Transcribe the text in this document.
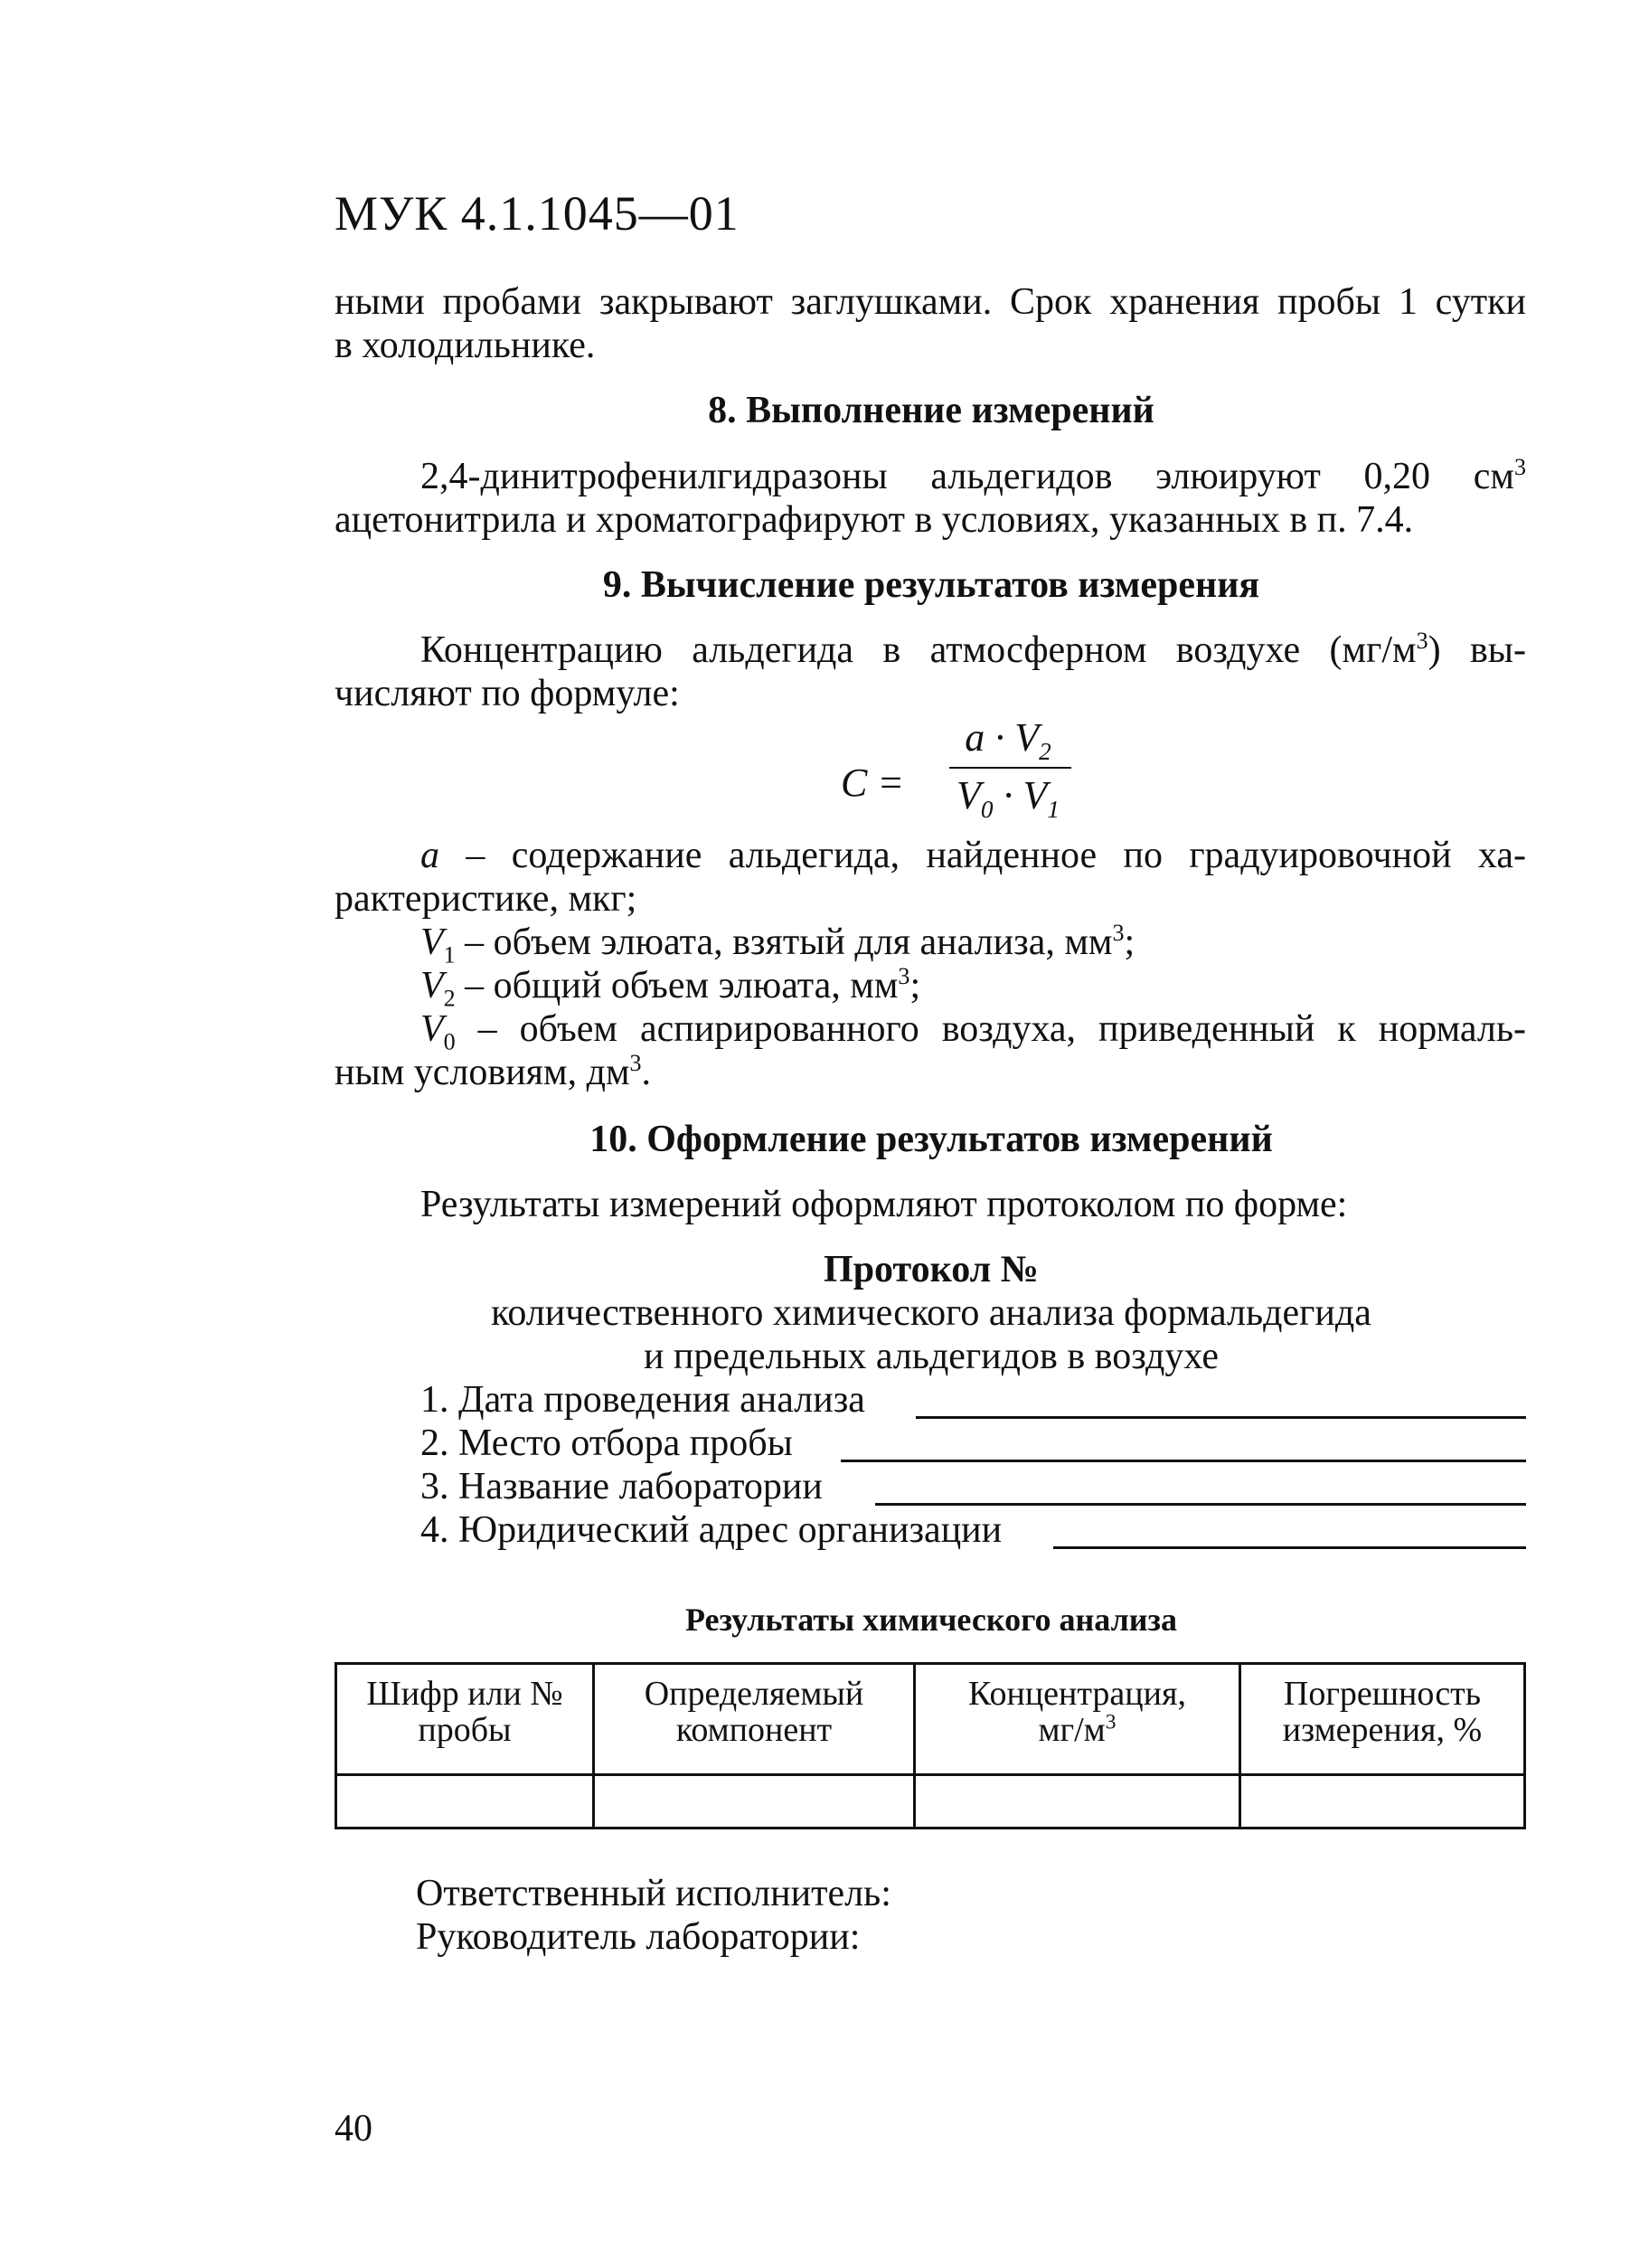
МУК 4.1.1045—01
ными пробами закрывают заглушками. Срок хранения пробы 1 сутки
в холодильнике.
8. Выполнение измерений
2,4-динитрофенилгидразоны альдегидов элюируют 0,20 $см^3$
ацетонитрила и хроматографируют в условиях, указанных в п. 7.4.
9. Вычисление результатов измерения
Концентрацию альдегида в атмосферном воздухе $(мг/м^3)$ вы-
числяют по формуле:
C =
$a \cdot V_2$
$V_0 \cdot V_1$
a – содержание альдегида, найденное по градуировочной ха-
рактеристике, мкг;
$V_1$ – объем элюата, взятый для анализа, $мм^3$;
$V_2$ – общий объем элюата, $мм^3$;
$V_0$ – объем аспирированного воздуха, приведенный к нормаль-
ным условиям, $дм^3$.
10. Оформление результатов измерений
Результаты измерений оформляют протоколом по форме:
Протокол №
количественного химического анализа формальдегида
и предельных альдегидов в воздухе
1. Дата проведения анализа
2. Место отбора пробы
3. Название лаборатории
4. Юридический адрес организации
Результаты химического анализа
Шифр или № пробы	Определяемый компонент	Концентрация,
$мг/м^3$	Погрешность измерения, %

Ответственный исполнитель:
Руководитель лаборатории:
40
